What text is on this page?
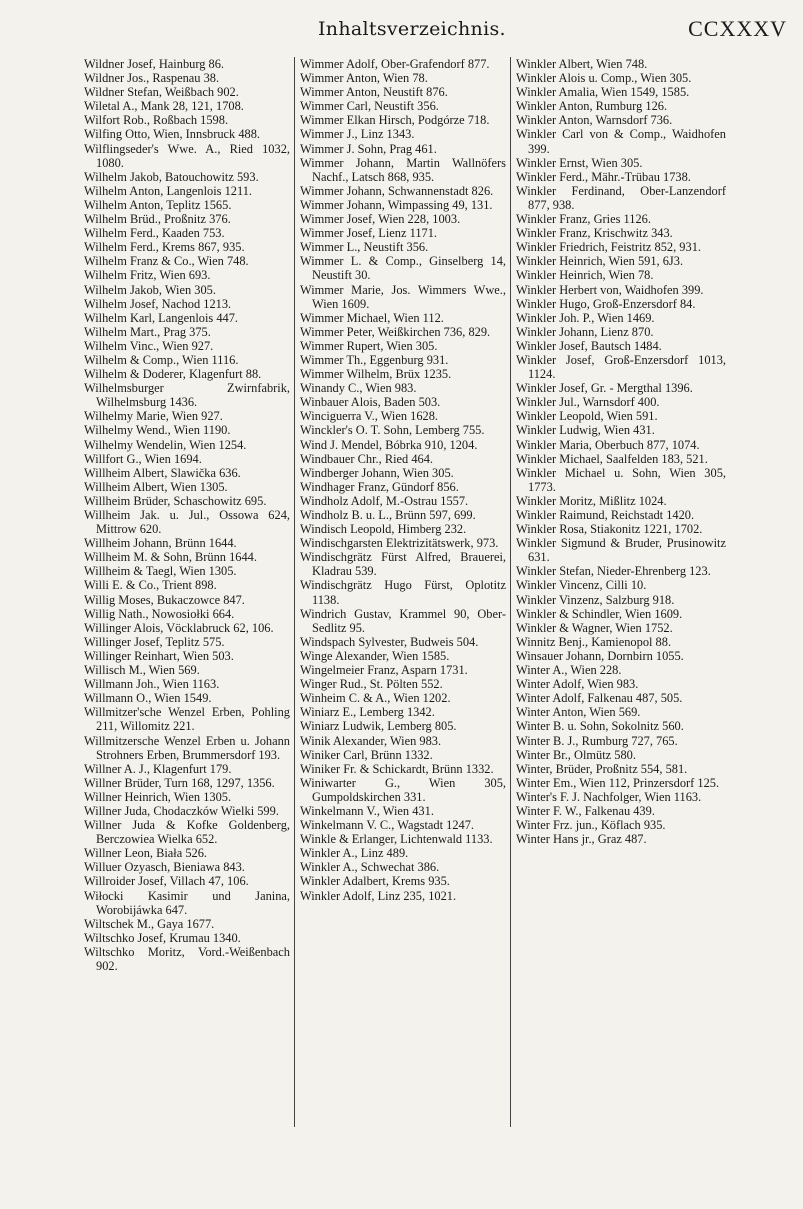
Inhaltsverzeichnis.	CCXXXV

Wildner Josef, Hainburg 86.

Wildner Jos., Raspenau 38.

Wildner Stefan, Weißbach 902.

Wiletal A., Mank 28, 121, 1708.

Wilfort Rob., Roßbach 1598.

Wilfing Otto, Wien, Innsbruck 488.

Wilflingseder's Wwe. A., Ried 1032, 1080.

Wilhelm Jakob, Batouchowitz 593.

Wilhelm Anton, Langenlois 1211.

Wilhelm Anton, Teplitz 1565.

Wilhelm Brüd., Proßnitz 376.

Wilhelm Ferd., Kaaden 753.

Wilhelm Ferd., Krems 867, 935.

Wilhelm Franz & Co., Wien 748.

Wilhelm Fritz, Wien 693.

Wilhelm Jakob, Wien 305.

Wilhelm Josef, Nachod 1213.

Wilhelm Karl, Langenlois 447.

Wilhelm Mart., Prag 375.

Wilhelm Vinc., Wien 927.

Wilhelm & Comp., Wien 1116.

Wilhelm & Doderer, Klagenfurt 88.

Wilhelmsburger Zwirnfabrik, Wilhelmsburg 1436.

Wilhelmy Marie, Wien 927.

Wilhelmy Wend., Wien 1190.

Wilhelmy Wendelin, Wien 1254.

Willfort G., Wien 1694.

Willheim Albert, Slawička 636.

Willheim Albert, Wien 1305.

Willheim Brüder, Schaschowitz 695.

Willheim Jak. u. Jul., Ossowa 624, Mittrow 620.

Willheim Johann, Brünn 1644.

Willheim M. & Sohn, Brünn 1644.

Willheim & Taegl, Wien 1305.

Willi E. & Co., Trient 898.

Willig Moses, Bukaczowce 847.

Willig Nath., Nowosiołki 664.

Willinger Alois, Vöcklabruck 62, 106.

Willinger Josef, Teplitz 575.

Willinger Reinhart, Wien 503.

Willisch M., Wien 569.

Willmann Joh., Wien 1163.

Willmann O., Wien 1549.

Willmitzer'sche Wenzel Erben, Pohling 211, Willomitz 221.

Willmitzersche Wenzel Erben u. Johann Strohners Erben, Brummersdorf 193.

Willner A. J., Klagenfurt 179.

Willner Brüder, Turn 168, 1297, 1356.

Willner Heinrich, Wien 1305.

Willner Juda, Chodaczków Wielki 599.

Willner Juda & Kofke Goldenberg, Berczowiea Wielka 652.

Willner Leon, Biała 526.

Willuer Ozyasch, Bieniawa 843.

Willroider Josef, Villach 47, 106.

Wiłocki Kasimir und Janina, Worobijáwka 647.

Wiltschek M., Gaya 1677.

Wiltschko Josef, Krumau 1340.

Wiltschko Moritz, Vord.-Weißenbach 902.

Wimmer Adolf, Ober-Grafendorf 877.

Wimmer Anton, Wien 78.

Wimmer Anton, Neustift 876.

Wimmer Carl, Neustift 356.

Wimmer Elkan Hirsch, Podgórze 718.

Wimmer J., Linz 1343.

Wimmer J. Sohn, Prag 461.

Wimmer Johann, Martin Wallnöfers Nachf., Latsch 868, 935.

Wimmer Johann, Schwannenstadt 826.

Wimmer Johann, Wimpassing 49, 131.

Wimmer Josef, Wien 228, 1003.

Wimmer Josef, Lienz 1171.

Wimmer L., Neustift 356.

Wimmer L. & Comp., Ginselberg 14, Neustift 30.

Wimmer Marie, Jos. Wimmers Wwe., Wien 1609.

Wimmer Michael, Wien 112.

Wimmer Peter, Weißkirchen 736, 829.

Wimmer Rupert, Wien 305.

Wimmer Th., Eggenburg 931.

Wimmer Wilhelm, Brüx 1235.

Winandy C., Wien 983.

Winbauer Alois, Baden 503.

Winciguerra V., Wien 1628.

Winckler's O. T. Sohn, Lemberg 755.

Wind J. Mendel, Bóbrka 910, 1204.

Windbauer Chr., Ried 464.

Windberger Johann, Wien 305.

Windhager Franz, Gündorf 856.

Windholz Adolf, M.-Ostrau 1557.

Windholz B. u. L., Brünn 597, 699.

Windisch Leopold, Himberg 232.

Windischgarsten Elektrizitätswerk, 973.

Windischgrätz Fürst Alfred, Brauerei, Kladrau 539.

Windischgrätz Hugo Fürst, Oplotitz 1138.

Windrich Gustav, Krammel 90, Ober-Sedlitz 95.

Windspach Sylvester, Budweis 504.

Winge Alexander, Wien 1585.

Wingelmeier Franz, Asparn 1731.

Winger Rud., St. Pölten 552.

Winheim C. & A., Wien 1202.

Winiarz E., Lemberg 1342.

Winiarz Ludwik, Lemberg 805.

Winik Alexander, Wien 983.

Winiker Carl, Brünn 1332.

Winiker Fr. & Schickardt, Brünn 1332.

Winiwarter G., Wien 305, Gumpoldskirchen 331.

Winkelmann V., Wien 431.

Winkelmann V. C., Wagstadt 1247.

Winkle & Erlanger, Lichtenwald 1133.

Winkler A., Linz 489.

Winkler A., Schwechat 386.

Winkler Adalbert, Krems 935.

Winkler Adolf, Linz 235, 1021.

Winkler Albert, Wien 748.

Winkler Alois u. Comp., Wien 305.

Winkler Amalia, Wien 1549, 1585.

Winkler Anton, Rumburg 126.

Winkler Anton, Warnsdorf 736.

Winkler Carl von & Comp., Waidhofen 399.

Winkler Ernst, Wien 305.

Winkler Ferd., Mähr.-Trübau 1738.

Winkler Ferdinand, Ober-Lanzendorf 877, 938.

Winkler Franz, Gries 1126.

Winkler Franz, Krischwitz 343.

Winkler Friedrich, Feistritz 852, 931.

Winkler Heinrich, Wien 591, 6J3.

Winkler Heinrich, Wien 78.

Winkler Herbert von, Waidhofen 399.

Winkler Hugo, Groß-Enzersdorf 84.

Winkler Joh. P., Wien 1469.

Winkler Johann, Lienz 870.

Winkler Josef, Bautsch 1484.

Winkler Josef, Groß-Enzersdorf 1013, 1124.

Winkler Josef, Gr. - Mergthal 1396.

Winkler Jul., Warnsdorf 400.

Winkler Leopold, Wien 591.

Winkler Ludwig, Wien 431.

Winkler Maria, Oberbuch 877, 1074.

Winkler Michael, Saalfelden 183, 521.

Winkler Michael u. Sohn, Wien 305, 1773.

Winkler Moritz, Mißlitz 1024.

Winkler Raimund, Reichstadt 1420.

Winkler Rosa, Stiakonitz 1221, 1702.

Winkler Sigmund & Bruder, Prusinowitz 631.

Winkler Stefan, Nieder-Ehrenberg 123.

Winkler Vincenz, Cilli 10.

Winkler Vinzenz, Salzburg 918.

Winkler & Schindler, Wien 1609.

Winkler & Wagner, Wien 1752.

Winnitz Benj., Kamienopol 88.

Winsauer Johann, Dornbirn 1055.

Winter A., Wien 228.

Winter Adolf, Wien 983.

Winter Adolf, Falkenau 487, 505.

Winter Anton, Wien 569.

Winter B. u. Sohn, Sokolnitz 560.

Winter B. J., Rumburg 727, 765.

Winter Br., Olmütz 580.

Winter, Brüder, Proßnitz 554, 581.

Winter Em., Wien 112, Prinzersdorf 125.

Winter's F. J. Nachfolger, Wien 1163.

Winter F. W., Falkenau 439.

Winter Frz. jun., Köflach 935.

Winter Hans jr., Graz 487.
